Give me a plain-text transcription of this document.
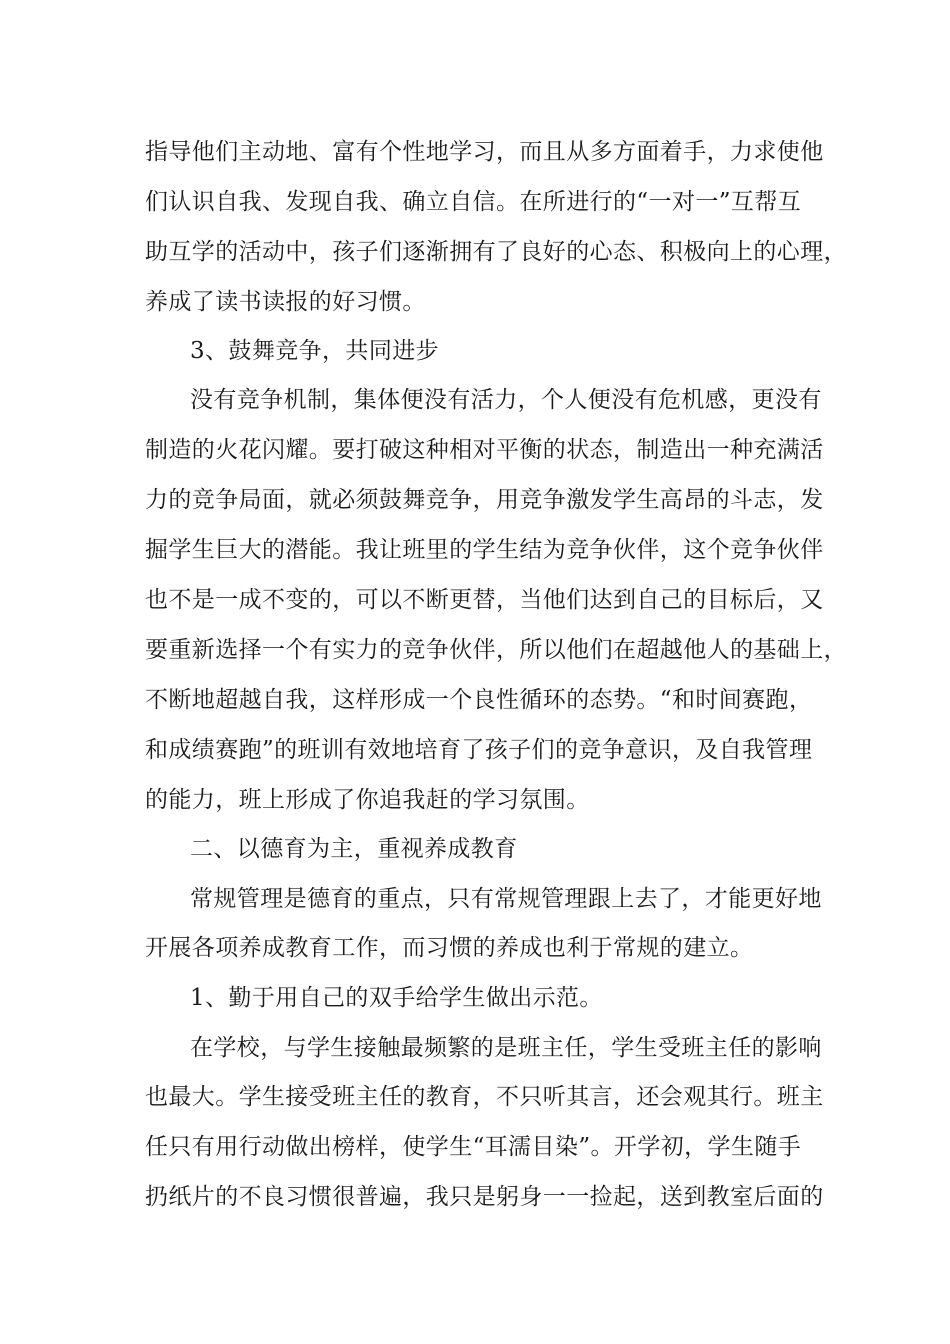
指导他们主动地、富有个性地学习，而且从多方面着手，力求使他
们认识自我、发现自我、确立自信。在所进行的“一对一”互帮互
助互学的活动中，孩子们逐渐拥有了良好的心态、积极向上的心理，
养成了读书读报的好习惯。
3、鼓舞竞争，共同进步
没有竞争机制，集体便没有活力，个人便没有危机感，更没有
制造的火花闪耀。要打破这种相对平衡的状态，制造出一种充满活
力的竞争局面，就必须鼓舞竞争，用竞争激发学生高昂的斗志，发
掘学生巨大的潜能。我让班里的学生结为竞争伙伴，这个竞争伙伴
也不是一成不变的，可以不断更替，当他们达到自己的目标后，又
要重新选择一个有实力的竞争伙伴，所以他们在超越他人的基础上，
不断地超越自我，这样形成一个良性循环的态势。“和时间赛跑，
和成绩赛跑”的班训有效地培育了孩子们的竞争意识，及自我管理
的能力，班上形成了你追我赶的学习氛围。
二、以德育为主，重视养成教育
常规管理是德育的重点，只有常规管理跟上去了，才能更好地
开展各项养成教育工作，而习惯的养成也利于常规的建立。
1、勤于用自己的双手给学生做出示范。
在学校，与学生接触最频繁的是班主任，学生受班主任的影响
也最大。学生接受班主任的教育，不只听其言，还会观其行。班主
任只有用行动做出榜样，使学生“耳濡目染”。开学初，学生随手
扔纸片的不良习惯很普遍，我只是躬身一一捡起，送到教室后面的
